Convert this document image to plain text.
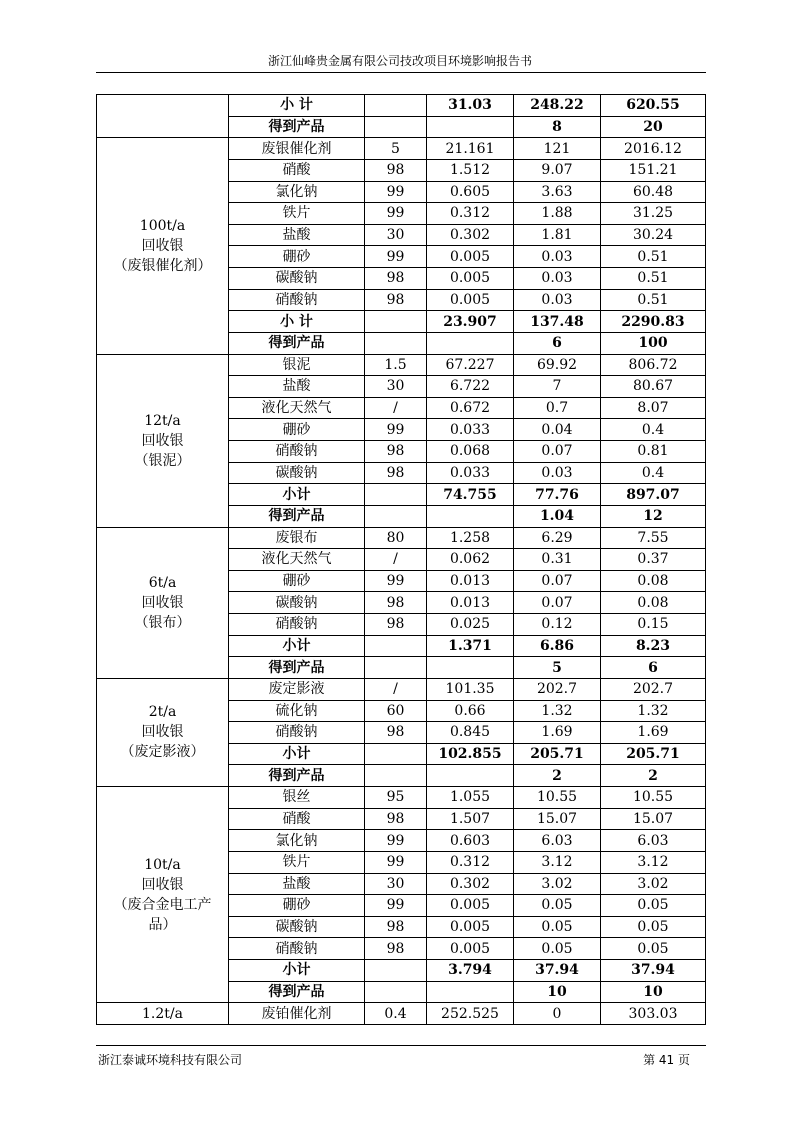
浙江仙峰贵金属有限公司技改项目环境影响报告书
	小 计		31.03	248.22	620.55
	得到产品			8	20

100t/a
回收银
（废银催化剂）	废银催化剂	5	21.161	121	2016.12
	硝酸	98	1.512	9.07	151.21
	氯化钠	99	0.605	3.63	60.48
	铁片	99	0.312	1.88	31.25
	盐酸	30	0.302	1.81	30.24
	硼砂	99	0.005	0.03	0.51
	碳酸钠	98	0.005	0.03	0.51
	硝酸钠	98	0.005	0.03	0.51
	小 计		23.907	137.48	2290.83
	得到产品			6	100

12t/a
回收银
（银泥）	银泥	1.5	67.227	69.92	806.72
	盐酸	30	6.722	7	80.67
	液化天然气	/	0.672	0.7	8.07
	硼砂	99	0.033	0.04	0.4
	硝酸钠	98	0.068	0.07	0.81
	碳酸钠	98	0.033	0.03	0.4
	小计		74.755	77.76	897.07
	得到产品			1.04	12

6t/a
回收银
（银布）	废银布	80	1.258	6.29	7.55
	液化天然气	/	0.062	0.31	0.37
	硼砂	99	0.013	0.07	0.08
	碳酸钠	98	0.013	0.07	0.08
	硝酸钠	98	0.025	0.12	0.15
	小计		1.371	6.86	8.23
	得到产品			5	6

2t/a
回收银
（废定影液）	废定影液	/	101.35	202.7	202.7
	硫化钠	60	0.66	1.32	1.32
	硝酸钠	98	0.845	1.69	1.69
	小计		102.855	205.71	205.71
	得到产品			2	2

10t/a
回收银
（废合金电工产
品）	银丝	95	1.055	10.55	10.55
	硝酸	98	1.507	15.07	15.07
	氯化钠	99	0.603	6.03	6.03
	铁片	99	0.312	3.12	3.12
	盐酸	30	0.302	3.02	3.02
	硼砂	99	0.005	0.05	0.05
	碳酸钠	98	0.005	0.05	0.05
	硝酸钠	98	0.005	0.05	0.05
	小计		3.794	37.94	37.94
	得到产品			10	10

1.2t/a	废铂催化剂	0.4	252.525	0	303.03
浙江泰诚环境科技有限公司	第 41 页
